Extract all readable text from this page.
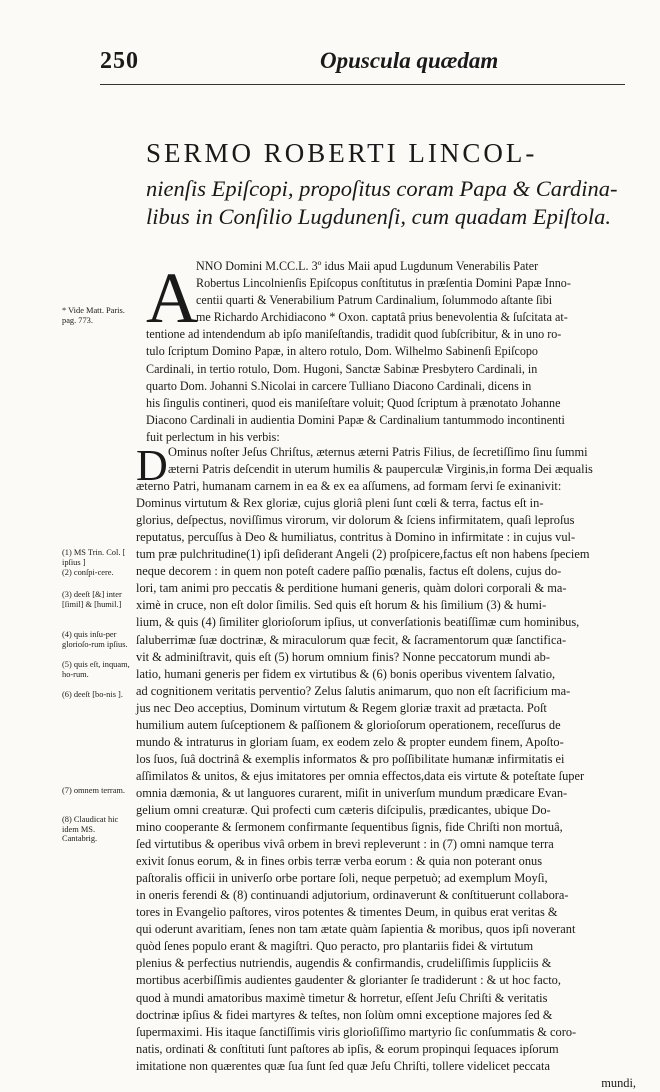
250	Opuscula quædam
SERMO ROBERTI LINCOL-
nienſis Epiſcopi, propoſitus coram Papa & Cardina-
libus in Conſilio Lugdunenſi, cum quadam Epiſtola.
* Vide Matt. Paris. pag. 773.
(1) MS Trin. Col. [ ipſius ]
(2) conſpi-cere.
(3) deeſt [&] inter [ſimil] & [humil.]
(4) quis inſu-per glorioſo-rum ipſius.
(5) quis eſt, inquam, ho-rum.
(6) deeſt [bo-nis ].
(7) omnem terram.
(8) Claudicat hic idem MS. Cantabrig.
A
NNO Domini M.CC.L. 3º idus Maii apud Lugdunum Venerabilis Pater
Robertus Lincolnienſis Epiſcopus conſtitutus in præſentia Domini Papæ Inno-
centii quarti & Venerabilium Patrum Cardinalium, ſolummodo aſtante ſibi
me Richardo Archidiacono * Oxon. captatâ prius benevolentia & ſuſcitata at-
tentione ad intendendum ab ipſo maniſeſtandis, tradidit quod ſubſcribitur, & in uno ro-
tulo ſcriptum Domino Papæ, in altero rotulo, Dom. Wilhelmo Sabinenſi Epiſcopo
Cardinali, in tertio rotulo, Dom. Hugoni, Sanctæ Sabinæ Presbytero Cardinali, in
quarto Dom. Johanni S.Nicolai in carcere Tulliano Diacono Cardinali, dicens in
his ſingulis contineri, quod eis maniſeſtare voluit; Quod ſcriptum à prænotato Johanne
Diacono Cardinali in audientia Domini Papæ & Cardinalium tantummodo incontinenti
fuit perlectum in his verbis:
D Ominus noſter Jeſus Chriſtus, æternus æterni Patris Filius, de ſecretiſſimo ſinu ſummi
æterni Patris deſcendit in uterum humilis & pauperculæ Virginis,in forma Dei æqualis
æterno Patri, humanam carnem in ea & ex ea aſſumens, ad formam ſervi ſe exinanivit:
Dominus virtutum & Rex gloriæ, cujus gloriâ pleni ſunt cœli & terra, factus eſt in-
glorius, deſpectus, noviſſimus virorum, vir dolorum & ſciens infirmitatem, quaſi leproſus
reputatus, percuſſus à Deo & humiliatus, contritus à Domino in infirmitate : in cujus vul-
tum præ pulchritudine(1) ipſi deſiderant Angeli (2) proſpicere,factus eſt non habens ſpeciem
neque decorem : in quem non poteſt cadere paſſio pœnalis, factus eſt dolens, cujus do-
lori, tam animi pro peccatis & perditione humani generis, quàm dolori corporali & ma-
ximè in cruce, non eſt dolor ſimilis. Sed quis eſt horum & his ſimilium (3) & humi-
lium, & quis (4) ſimiliter glorioſorum ipſius, ut converſationis beatiſſimæ cum hominibus,
ſaluberrimæ ſuæ doctrinæ, & miraculorum quæ fecit, & ſacramentorum quæ ſanctifica-
vit & adminiſtravit, quis eſt (5) horum omnium finis? Nonne peccatorum mundi ab-
latio, humani generis per fidem ex virtutibus & (6) bonis operibus viventem ſalvatio,
ad cognitionem veritatis perventio? Zelus ſalutis animarum, quo non eſt ſacrificium ma-
jus nec Deo acceptius, Dominum virtutum & Regem gloriæ traxit ad prætacta. Poſt
humilium autem ſuſceptionem & paſſionem & glorioſorum operationem, receſſurus de
mundo & intraturus in gloriam ſuam, ex eodem zelo & propter eundem finem, Apoſto-
los ſuos, ſuâ doctrinâ & exemplis informatos & pro poſſibilitate humanæ infirmitatis ei
aſſimilatos & unitos, & ejus imitatores per omnia effectos,data eis virtute & poteſtate ſuper
omnia dæmonia, & ut languores curarent, miſit in univerſum mundum prædicare Evan-
gelium omni creaturæ. Qui profecti cum cæteris diſcipulis, prædicantes, ubique Do-
mino cooperante & ſermonem confirmante ſequentibus ſignis, fide Chriſti non mortuâ,
ſed virtutibus & operibus vivâ orbem in brevi repleverunt : in (7) omni namque terra
exivit ſonus eorum, & in fines orbis terræ verba eorum : & quia non poterant onus
paſtoralis officii in univerſo orbe portare ſoli, neque perpetuò; ad exemplum Moyſi,
in oneris ferendi & (8) continuandi adjutorium, ordinaverunt & conſtituerunt collabora-
tores in Evangelio paſtores, viros potentes & timentes Deum, in quibus erat veritas &
qui oderunt avaritiam, ſenes non tam ætate quàm ſapientia & moribus, quos ipſi noverant
quòd ſenes populo erant & magiſtri. Quo peracto, pro plantariis fidei & virtutum
plenius & perfectius nutriendis, augendis & confirmandis, crudeliſſimis ſuppliciis &
mortibus acerbiſſimis audientes gaudenter & glorianter ſe tradiderunt : & ut hoc facto,
quod à mundi amatoribus maximè timetur & horretur, eſſent Jeſu Chriſti & veritatis
doctrinæ ipſius & fidei martyres & teſtes, non ſolùm omni exceptione majores ſed &
ſupermaximi. His itaque ſanctiſſimis viris glorioſiſſimo martyrio ſic conſummatis & coro-
natis, ordinati & conſtituti ſunt paſtores ab ipſis, & eorum propinqui ſequaces ipſorum
imitatione non quærentes quæ ſua ſunt ſed quæ Jeſu Chriſti, tollere videlicet peccata
mundi,
